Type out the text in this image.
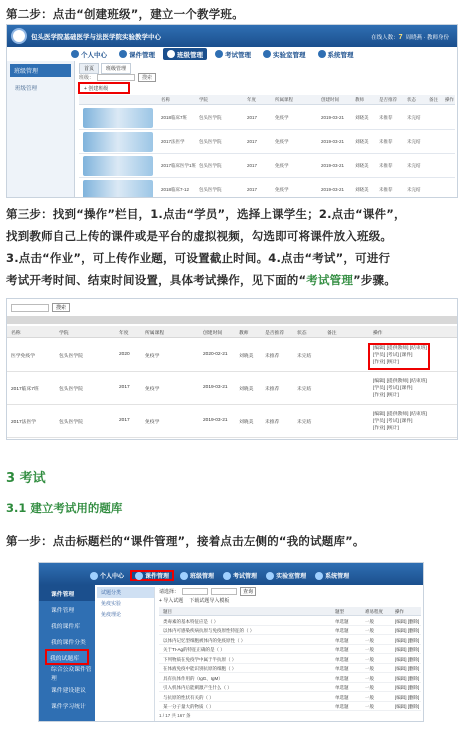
第二步：点击“创建班级”，建立一个教学班。
包头医学院基础医学与法医学院实验教学中心	在线人数：7 周晓燕 · 教师身份
个人中心	课件管理	班级管理	考试管理	实验室管理	系统管理
班级管理
班级管理
首页	班级管理
班级：	搜索
+ 创建班级
名称	学院	年度	所属课程	创建时间	教师	是否推荐 状态	备注 操作
2018临床7班	包头医学院	2017	免疫学	2019-03-21 刘晓美 未推荐	未完结
2017法医学	包头医学院	2017	免疫学	2019-03-21 刘晓美 未推荐	未完结
2017临床医学1班 包头医学院	2017	免疫学	2019-03-21 刘晓美 未推荐	未完结
2018临床7-12 包头医学院	2017	免疫学	2019-03-21 刘晓美 未推荐	未完结
第三步：找到“操作”栏目，1.点击“学员”，选择上课学生；2.点击“课件”，
找到教师自己上传的课件或是平台的虚拟视频，勾选即可将课件放入班级。
3.点击“作业”，可上传作业题，可设置截止时间。4.点击“考试”，可进行
考试开考时间、结束时间设置，具体考试操作，见下面的“考试管理”步骤。
搜索
名称	学院	年度	所属课程	创建时间	教师	是否推荐	状态	备注	操作
医学免疫学	包头医学院	2020	免疫学	2020-02-21 刘晓美 未推荐	未完结
[编辑] [提供教师] [结束班]
[学员] [考试] [课件]
[作业] [统计]
2017临床7班	包头医学院	2017	免疫学	2019-03-21 刘晓美 未推荐	未完结
[编辑] [提供教师] [结束班]
[学员] [考试] [课件]
[作业] [统计]
2017法医学	包头医学院	2017	免疫学	2019-03-21 刘晓美 未推荐	未完结
[编辑] [提供教师] [结束班]
[学员] [考试] [课件]
[作业] [统计]
3 考试
3.1 建立考试用的题库
第一步：点击标题栏的“课件管理”，接着点击左侧的“我的试题库”。
个人中心	课件管理	班级管理	考试管理	实验室管理	系统管理
课件管理
课件管理
我的课件库
我的课件分类
我的试题库
综合公众课件管理
课件建设建议
课件学习统计
试题分类
免疫实验
免疫理论
请选择：	查询
+ 导入试题 下载试题导入模板
题目	题型	难易程度	操作
类毒素的基本特征应是（ ）	单选题	一般	[编辑] [删除]
以体内可感染疾病抗原与免疫原性特征的（ ）	单选题	一般	[编辑] [删除]
以体内记忆型细胞被体内的免疫原性（ ）	单选题	一般	[编辑] [删除]
关于TI-Ag的特征正确的是（ ）	单选题	一般	[编辑] [删除]
下列物质在免疫学中属于半抗原（ ）	单选题	一般	[编辑] [删除]
在体液免疫中能识别抗原的细胞（ ）	单选题	一般	[编辑] [删除]
具有抗体作用的（IgG、IgM）	单选题	一般	[编辑] [删除]
引入机体内后能刺激产生什么（ ）	单选题	一般	[编辑] [删除]
与抗原的性状有关的（ ）	单选题	一般	[编辑] [删除]
某一分子量大的物质（ ）	单选题	一般	[编辑] [删除]
1 / 17 共 167 条
